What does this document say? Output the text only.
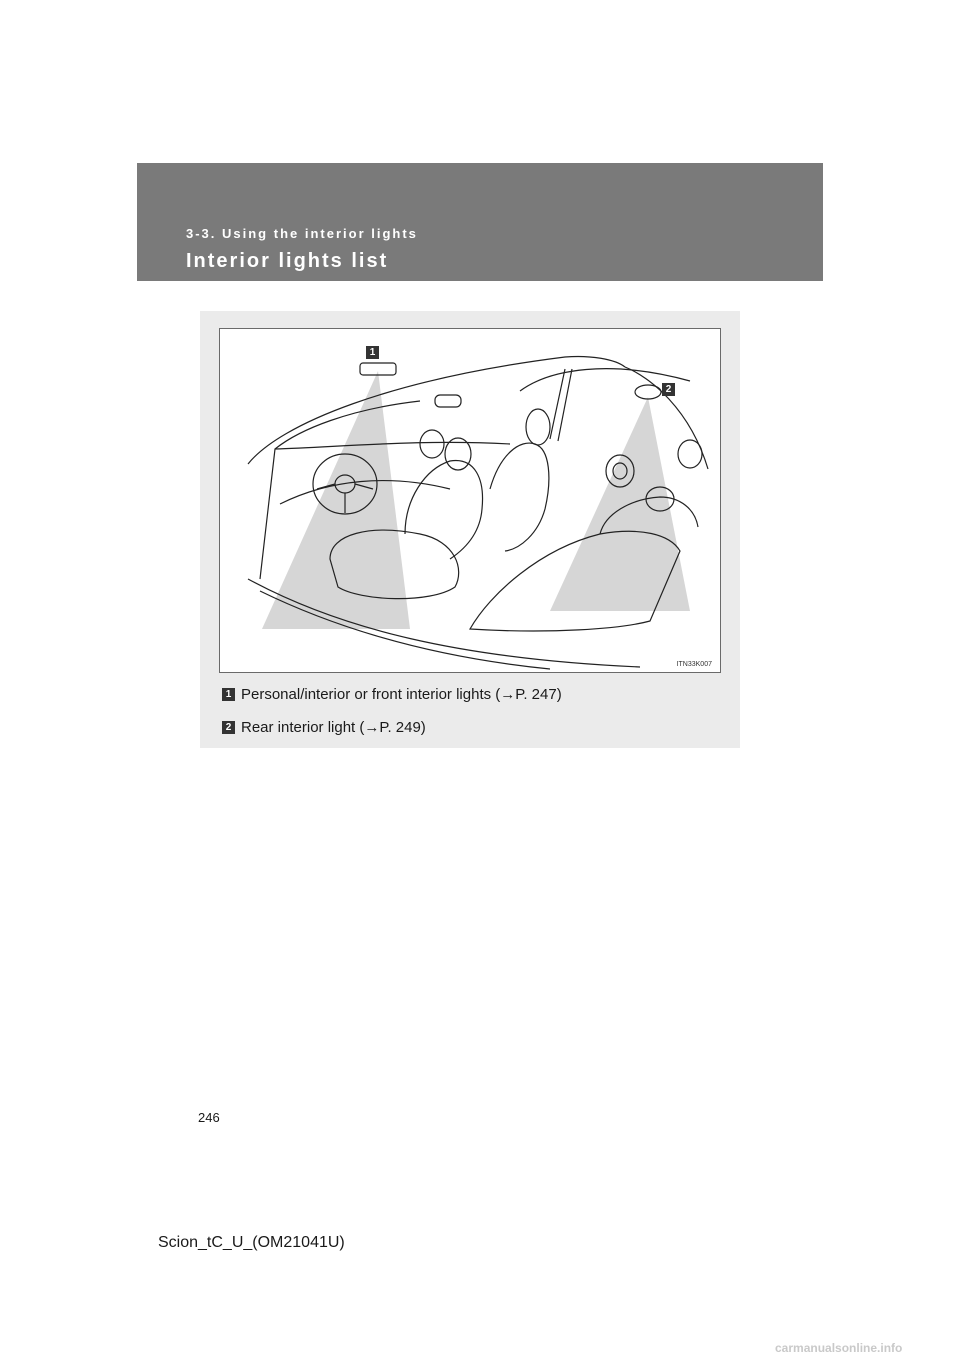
3-3. Using the interior lights
Interior lights list
1
2
ITN33K007
1 Personal/interior or front interior lights (→P. 247)
2 Rear interior light (→P. 249)
246
Scion_tC_U_(OM21041U)
carmanualsonline.info
